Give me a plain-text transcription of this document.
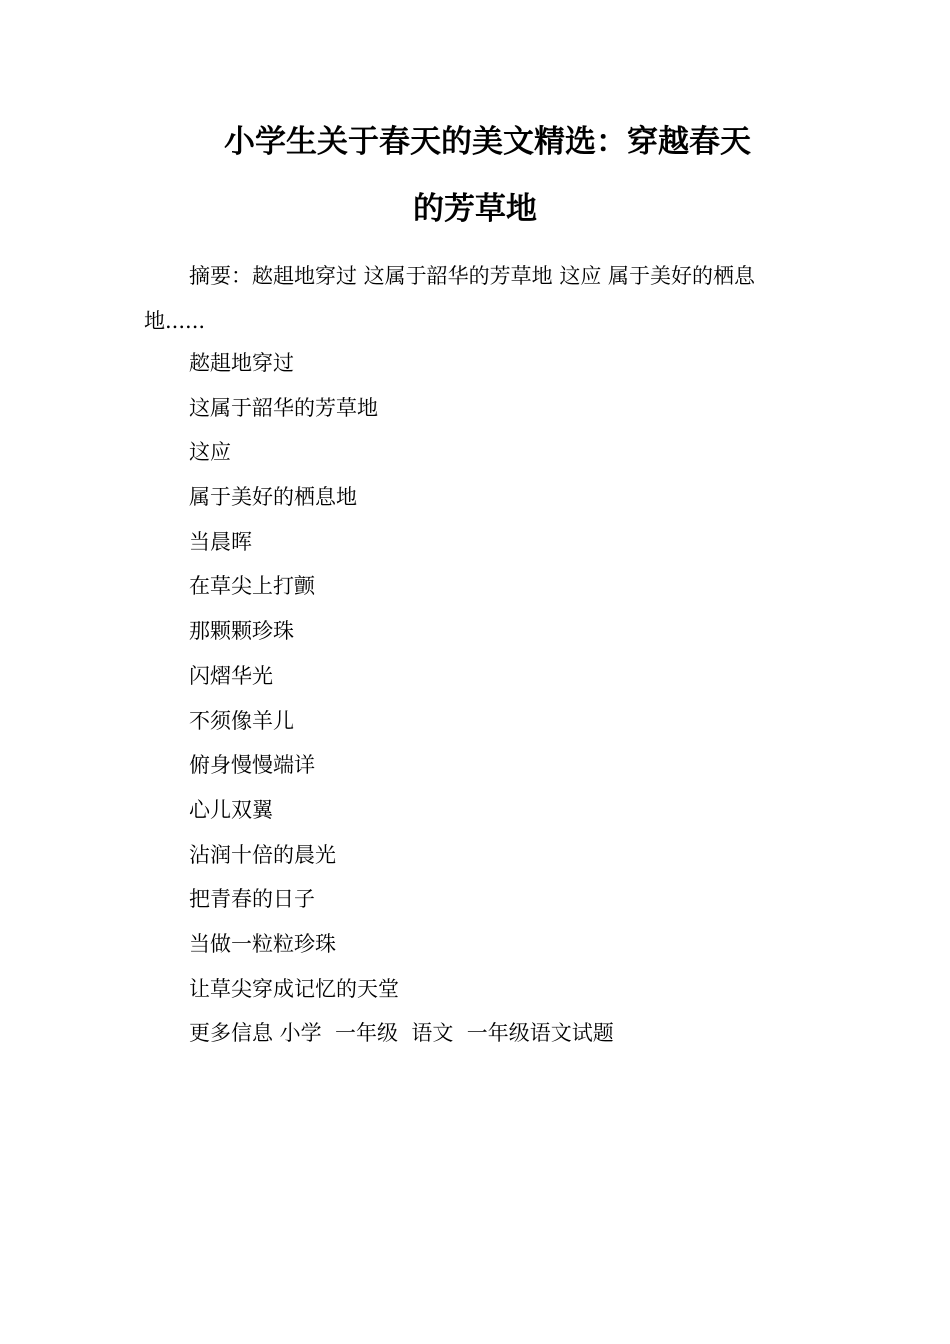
小学生关于春天的美文精选：穿越春天
的芳草地
摘要：趑趄地穿过 这属于韶华的芳草地 这应 属于美好的栖息
地......
趑趄地穿过
这属于韶华的芳草地
这应
属于美好的栖息地
当晨晖
在草尖上打颤
那颗颗珍珠
闪熠华光
不须像羊儿
俯身慢慢端详
心儿双翼
沾润十倍的晨光
把青春的日子
当做一粒粒珍珠
让草尖穿成记忆的天堂
更多信息 小学  一年级  语文  一年级语文试题
